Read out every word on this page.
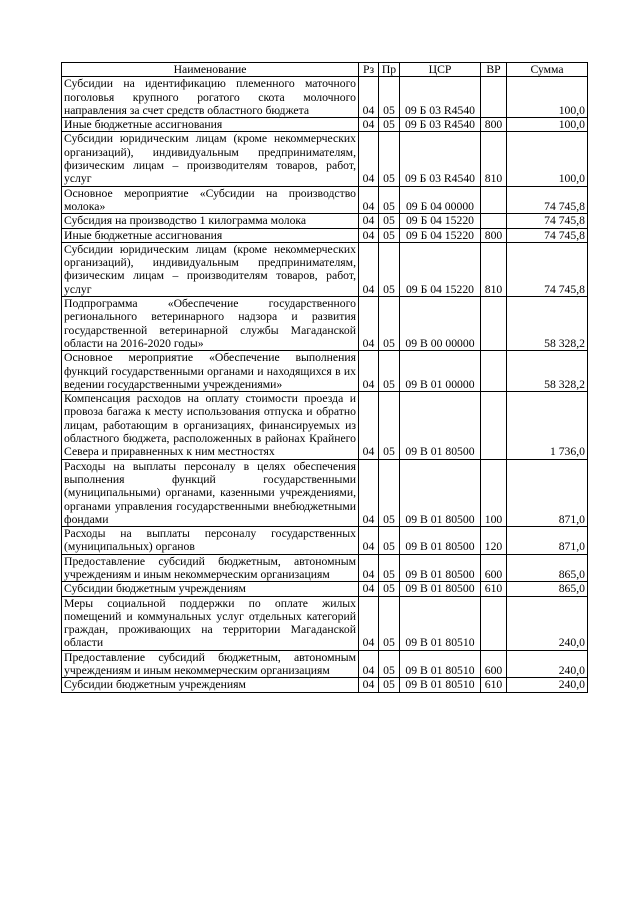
Наименование	Рз	Пр	ЦСР	ВР	Сумма
Субсидии на идентификацию племенного маточного поголовья крупного рогатого скота молочного направления за счет средств областного бюджета	04	05	09 Б 03 R4540		100,0
Иные бюджетные ассигнования	04	05	09 Б 03 R4540	800	100,0
Субсидии юридическим лицам (кроме некоммерческих организаций), индивидуальным предпринимателям, физическим лицам – производителям товаров, работ, услуг	04	05	09 Б 03 R4540	810	100,0
Основное мероприятие «Субсидии на производство молока»	04	05	09 Б 04 00000		74 745,8
Субсидия на производство 1 килограмма молока	04	05	09 Б 04 15220		74 745,8
Иные бюджетные ассигнования	04	05	09 Б 04 15220	800	74 745,8
Субсидии юридическим лицам (кроме некоммерческих организаций), индивидуальным предпринимателям, физическим лицам – производителям товаров, работ, услуг	04	05	09 Б 04 15220	810	74 745,8
Подпрограмма «Обеспечение государственного регионального ветеринарного надзора и развития государственной ветеринарной службы Магаданской области на 2016-2020 годы»	04	05	09 В 00 00000		58 328,2
Основное мероприятие «Обеспечение выполнения функций государственными органами и находящихся в их ведении государственными учреждениями»	04	05	09 В 01 00000		58 328,2
Компенсация расходов на оплату стоимости проезда и провоза багажа к месту использования отпуска и обратно лицам, работающим в организациях, финансируемых из областного бюджета, расположенных в районах Крайнего Севера и приравненных к ним местностях	04	05	09 В 01 80500		1 736,0
Расходы на выплаты персоналу в целях обеспечения выполнения функций государственными (муниципальными) органами, казенными учреждениями, органами управления государственными внебюджетными фондами	04	05	09 В 01 80500	100	871,0
Расходы на выплаты персоналу государственных (муниципальных) органов	04	05	09 В 01 80500	120	871,0
Предоставление субсидий бюджетным, автономным учреждениям и иным некоммерческим организациям	04	05	09 В 01 80500	600	865,0
Субсидии бюджетным учреждениям	04	05	09 В 01 80500	610	865,0
Меры социальной поддержки по оплате жилых помещений и коммунальных услуг отдельных категорий граждан, проживающих на территории Магаданской области	04	05	09 В 01 80510		240,0
Предоставление субсидий бюджетным, автономным учреждениям и иным некоммерческим организациям	04	05	09 В 01 80510	600	240,0
Субсидии бюджетным учреждениям	04	05	09 В 01 80510	610	240,0
